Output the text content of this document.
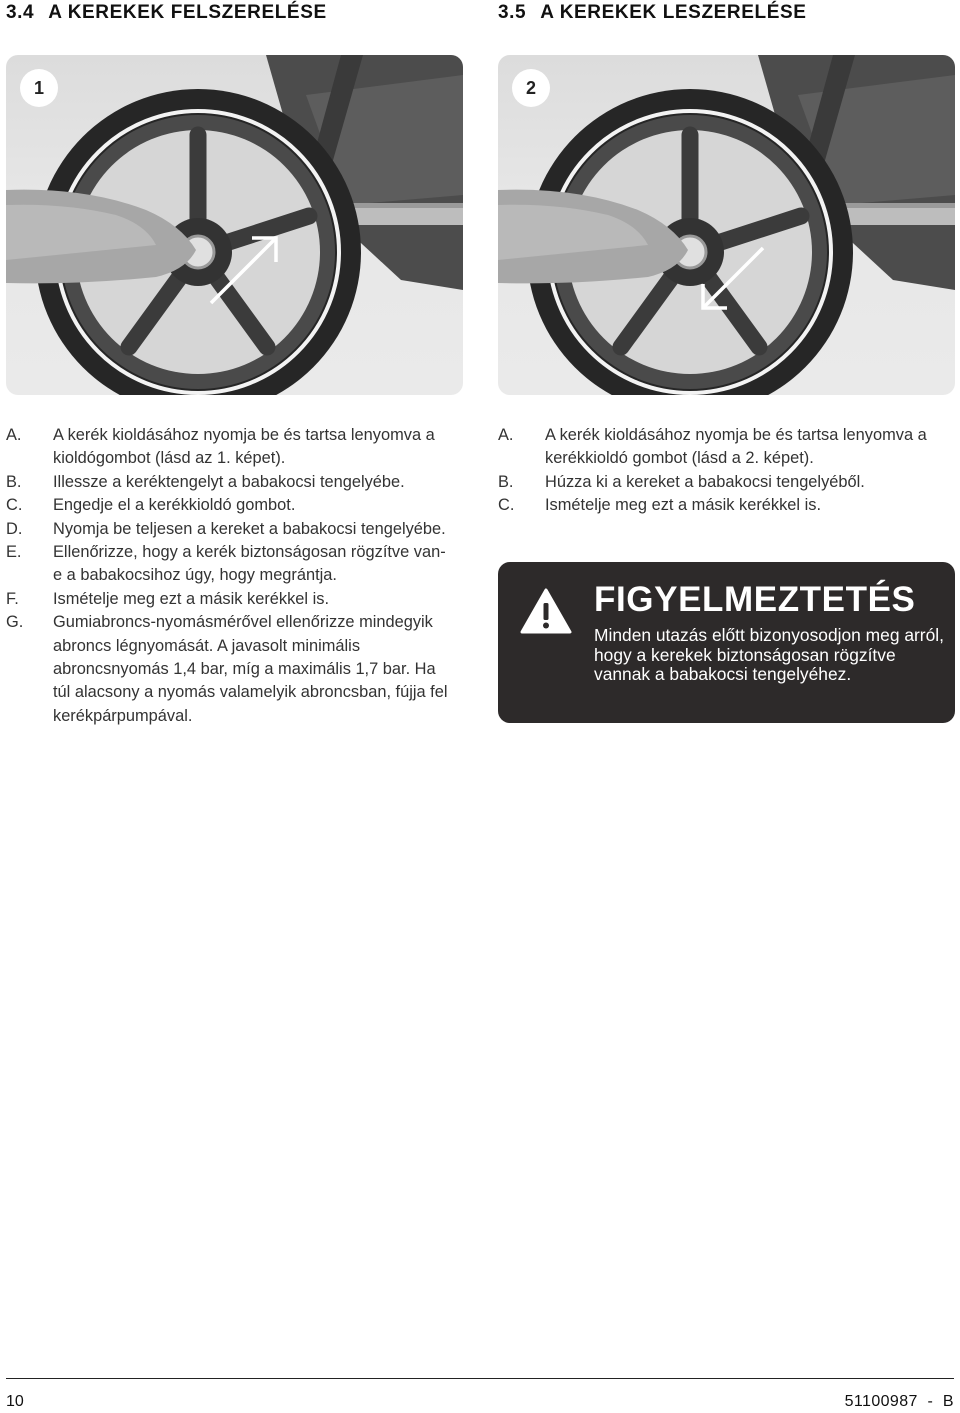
3.4 A KEREKEK FELSZERELÉSE	3.5 A KEREKEK LESZERELÉSE
1	2
A. A kerék kioldásához nyomja be és tartsa lenyomva a kioldógombot (lásd az 1. képet).
B. Illessze a keréktengelyt a babakocsi tengelyébe.
C. Engedje el a kerékkioldó gombot.
D. Nyomja be teljesen a kereket a babakocsi tengelyébe.
E. Ellenőrizze, hogy a kerék biztonságosan rögzítve van-e a babakocsihoz úgy, hogy megrántja.
F. Ismételje meg ezt a másik kerékkel is.
G. Gumiabroncs-nyomásmérővel ellenőrizze mindegyik abroncs légnyomását. A javasolt minimális abroncsnyomás 1,4 bar, míg a maximális 1,7 bar. Ha túl alacsony a nyomás valamelyik abroncsban, fújja fel kerékpárpumpával.
A. A kerék kioldásához nyomja be és tartsa lenyomva a kerékkioldó gombot (lásd a 2. képet).
B. Húzza ki a kereket a babakocsi tengelyéből.
C. Ismételje meg ezt a másik kerékkel is.
FIGYELMEZTETÉS

Minden utazás előtt bizonyosodjon meg arról, hogy a kerekek biztonságosan rögzítve vannak a babakocsi tengelyéhez.

10	51100987  -  B
